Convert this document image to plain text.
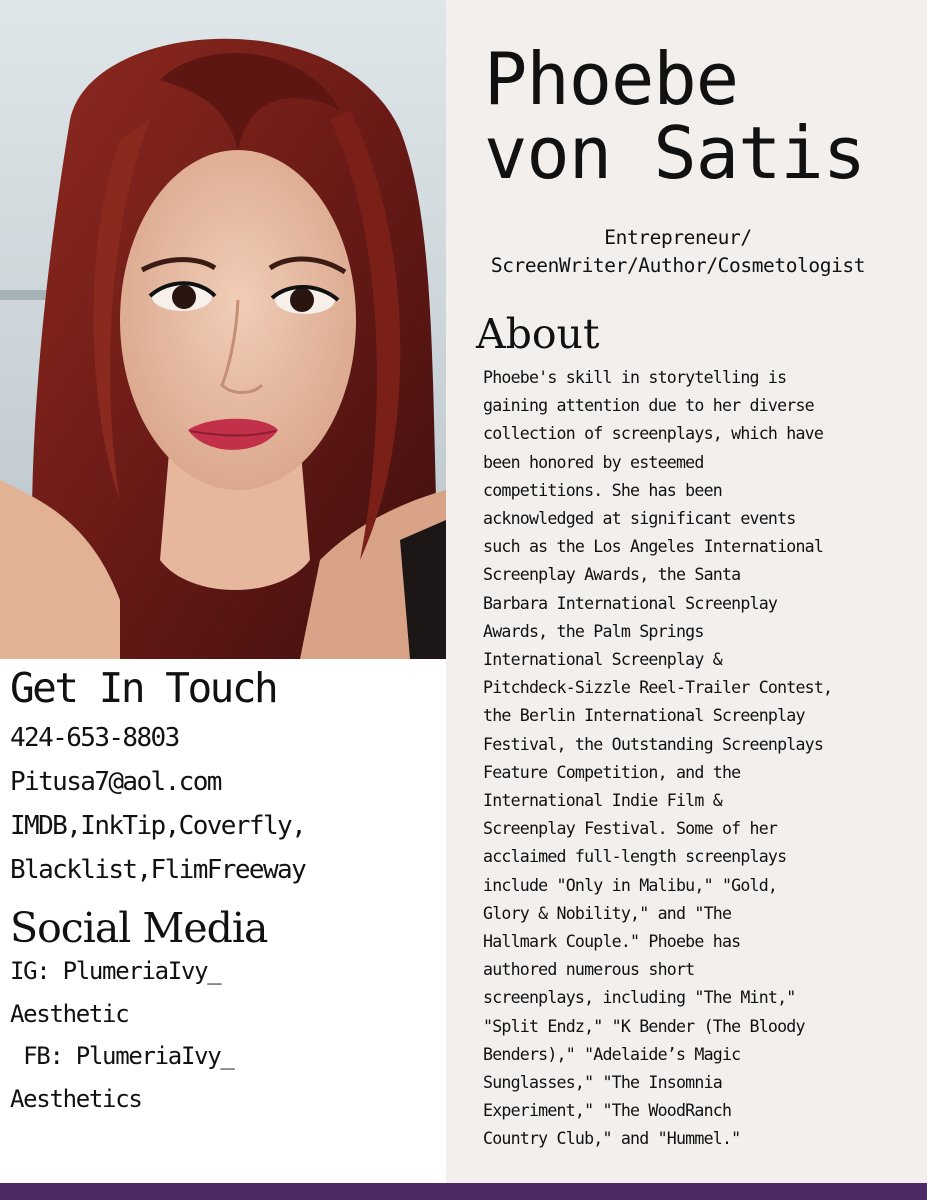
Phoebe
von Satis
Entrepreneur/
ScreenWriter/Author/Cosmetologist
About
Phoebe's skill in storytelling is
gaining attention due to her diverse
collection of screenplays, which have
been honored by esteemed
competitions. She has been
acknowledged at significant events
such as the Los Angeles International
Screenplay Awards, the Santa
Barbara International Screenplay
Awards, the Palm Springs
International Screenplay &
Pitchdeck-Sizzle Reel-Trailer Contest,
the Berlin International Screenplay
Festival, the Outstanding Screenplays
Feature Competition, and the
International Indie Film &
Screenplay Festival. Some of her
acclaimed full-length screenplays
include "Only in Malibu," "Gold,
Glory & Nobility," and "The
Hallmark Couple." Phoebe has
authored numerous short
screenplays, including "The Mint,"
"Split Endz," "K Bender (The Bloody
Benders)," "Adelaide’s Magic
Sunglasses," "The Insomnia
Experiment," "The WoodRanch
Country Club," and "Hummel."
Get In Touch
424-653-8803
Pitusa7@aol.com
IMDB,InkTip,Coverfly,
Blacklist,FlimFreeway
Social Media
IG: PlumeriaIvy_
Aesthetic
FB: PlumeriaIvy_
Aesthetics
